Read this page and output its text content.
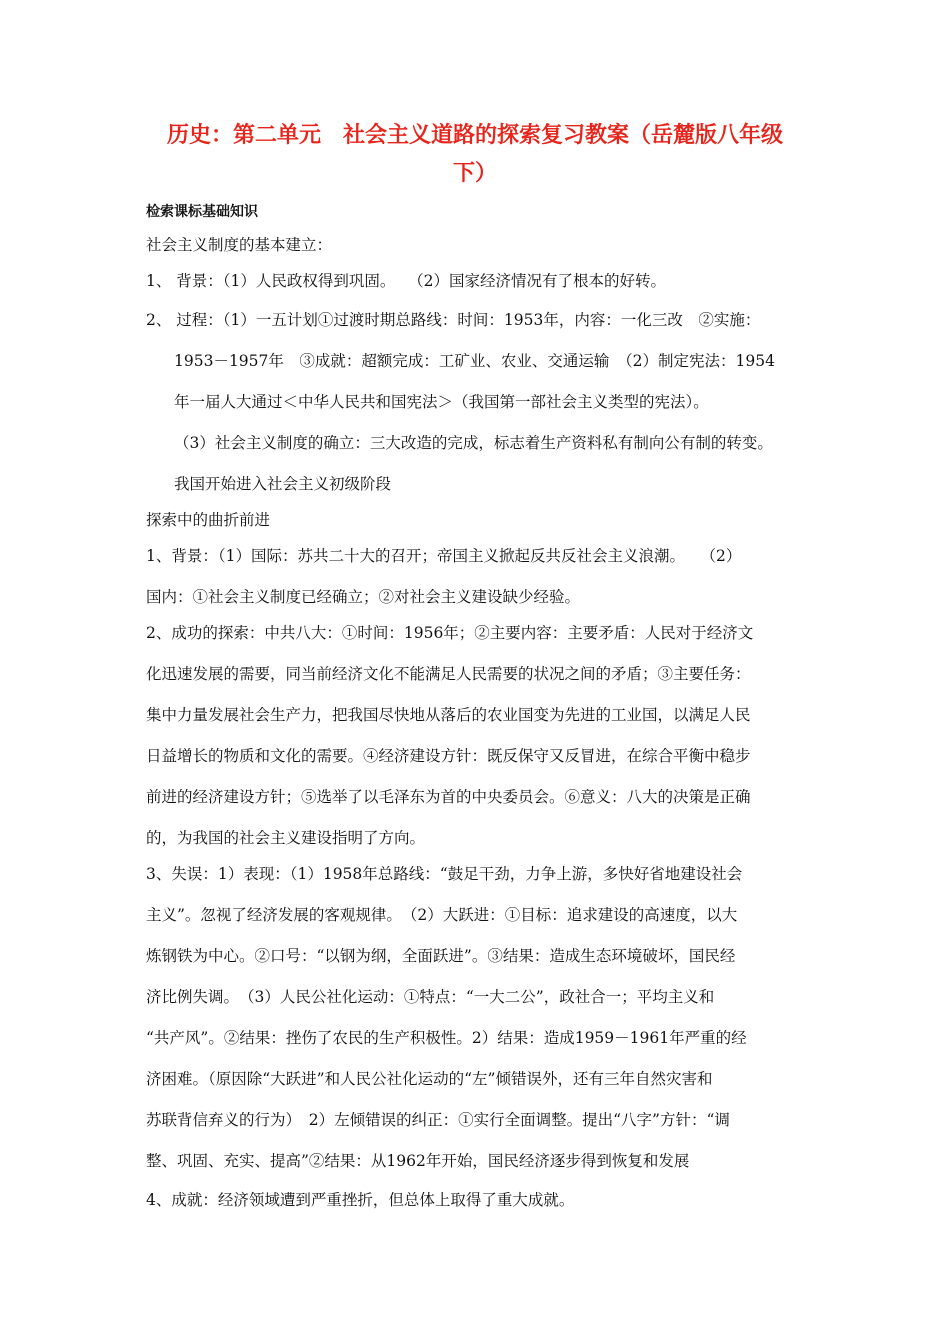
历史：第二单元　社会主义道路的探索复习教案（岳麓版八年级
下）
检索课标基础知识
社会主义制度的基本建立：
1、 背景：（1）人民政权得到巩固。　 （2）国家经济情况有了根本的好转。
2、 过程：（1）一五计划①过渡时期总路线：时间：1953年，内容：一化三改　②实施：
1953－1957年　③成就：超额完成：工矿业、农业、交通运输　（2）制定宪法：1954
年一届人大通过＜中华人民共和国宪法＞（我国第一部社会主义类型的宪法）。
（3）社会主义制度的确立：三大改造的完成，标志着生产资料私有制向公有制的转变。
我国开始进入社会主义初级阶段
探索中的曲折前进
1、背景：（1）国际：苏共二十大的召开；帝国主义掀起反共反社会主义浪潮。　　（2）
国内：①社会主义制度已经确立；②对社会主义建设缺少经验。
2、成功的探索：中共八大：①时间：1956年；②主要内容：主要矛盾：人民对于经济文
化迅速发展的需要，同当前经济文化不能满足人民需要的状况之间的矛盾；③主要任务：
集中力量发展社会生产力，把我国尽快地从落后的农业国变为先进的工业国，以满足人民
日益增长的物质和文化的需要。④经济建设方针：既反保守又反冒进，在综合平衡中稳步
前进的经济建设方针；⑤选举了以毛泽东为首的中央委员会。⑥意义：八大的决策是正确
的，为我国的社会主义建设指明了方向。
3、失误：1）表现：（1）1958年总路线：“鼓足干劲，力争上游，多快好省地建设社会
主义”。忽视了经济发展的客观规律。　（2）大跃进：①目标：追求建设的高速度，以大
炼钢铁为中心。②口号：“以钢为纲，全面跃进”。③结果：造成生态环境破坏，国民经
济比例失调。　（3）人民公社化运动：①特点：“一大二公”，政社合一；平均主义和
“共产风”。②结果：挫伤了农民的生产积极性。2）结果：造成1959－1961年严重的经
济困难。（原因除“大跃进”和人民公社化运动的“左”倾错误外，还有三年自然灾害和
苏联背信弃义的行为）　2）左倾错误的纠正：①实行全面调整。提出“八字”方针：“调
整、巩固、充实、提高”②结果：从1962年开始，国民经济逐步得到恢复和发展
4、成就：经济领域遭到严重挫折，但总体上取得了重大成就。
